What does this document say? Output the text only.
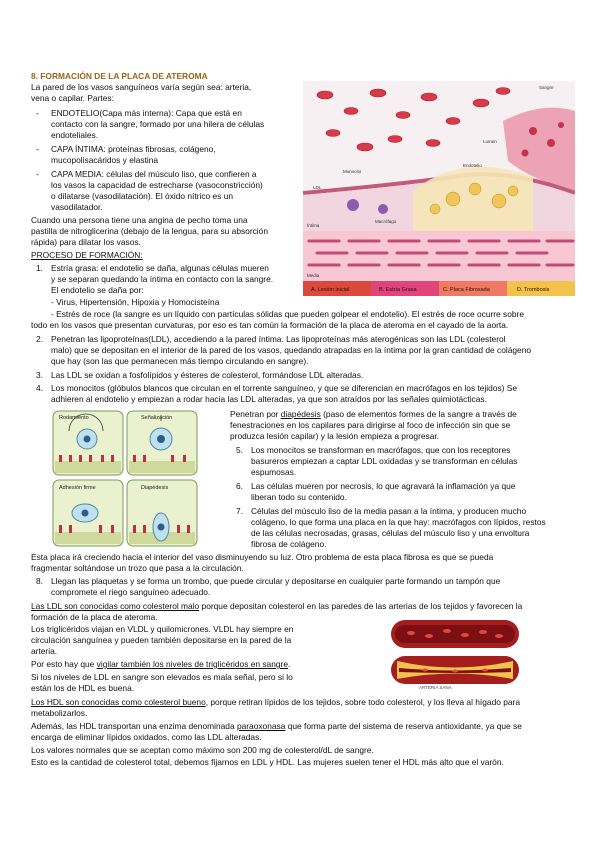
Sangre
Monocito
Macrófago
LDL
Endotelio
Íntima
Media
Lumen
A. Lesión inicial	B. Estría Grasa	C. Placa Fibrosada	D. Trombosis
8. FORMACIÓN DE LA PLACA DE ATEROMA
La pared de los vasos sanguíneos varía según sea: arteria,
vena o capilar. Partes:
- ENDOTELIO(Capa más interna): Capa que está en
contacto con la sangre, formado por una hilera de células
endoteliales.
- CAPA ÍNTIMA: proteínas fibrosas, colágeno,
mucopolisacáridos y elastina
- CAPA MEDIA: células del músculo liso, que confieren a
los vasos la capacidad de estrecharse (vasoconstricción)
o dilatarse (vasodilatación). El óxido nítrico es un
vasodilatador.
Cuando una persona tiene una angina de pecho toma una
pastilla de nitroglicerina (debajo de la lengua, para su absorción
rápida) para dilatar los vasos.
PROCESO DE FORMACIÓN:
1. Estría grasa: el endotelio se daña, algunas células mueren
y se separan quedando la íntima en contacto con la sangre.
El endotelio se daña por:
- Virus, Hipertensión, Hipoxia y Homocisteína
- Estrés de roce (la sangre es un líquido con partículas sólidas que pueden golpear el endotelio). El estrés de roce ocurre sobre
todo en los vasos que presentan curvaturas, por eso es tan común la formación de la placa de ateroma en el cayado de la aorta.
2. Penetran las lipoproteínas(LDL), accediendo a la pared íntima. Las lipoproteínas más aterogénicas son las LDL (colesterol
malo) que se depositan en el interior de la pared de los vasos, quedando atrapadas en la íntima por la gran cantidad de colágeno
que hay (son las que permanecen más tiempo circulando en sangre).
3. Las LDL se oxidan a fosfolípidos y ésteres de colesterol, formándose LDL alteradas.
4. Los monocitos (glóbulos blancos que circulan en el torrente sanguíneo, y que se diferencian en macrófagos en los tejidos) Se
adhieren al endotelio y empiezan a rodar hacia las LDL alteradas, ya que son atraídos por las señales quimiotácticas.
Rodamiento	Señalización
Adhesión firme	Diapédesis
Penetran por diapédesis (paso de elementos formes de la sangre a través de
fenestraciones en los capilares para dirigirse al foco de infección sin que se
produzca lesión capilar) y la lesión empieza a progresar.
5. Los monocitos se transforman en macrófagos, que con los receptores
basureros empiezan a captar LDL oxidadas y se transforman en células
espumosas.
6. Las células mueren por necrosis, lo que agravará la inflamación ya que
liberan todo su contenido.
7. Células del músculo liso de la media pasan a la íntima, y producen mucho
colágeno, lo que forma una placa en la que hay: macrófagos con lípidos, restos
de las células necrosadas, grasas, células del músculo liso y una envoltura
fibrosa de colágeno.
Esta placa irá creciendo hacia el interior del vaso disminuyendo su luz. Otro problema de esta placa fibrosa es que se pueda
fragmentar soltándose un trozo que pasa a la circulación.
8. Llegan las plaquetas y se forma un trombo, que puede circular y depositarse en cualquier parte formando un tampón que
compromete el riego sanguíneo adecuado.
Las LDL son conocidas como colesterol malo porque depositan colesterol en las paredes de las arterias de los tejidos y favorecen la
formación de la placa de ateroma.
Los triglicéridos viajan en VLDL y quilomicrones. VLDL hay siempre en
circulación sanguínea y pueden también depositarse en la pared de la
arteria.
Por esto hay que vigilar también los niveles de triglicéridos en sangre.
Si los niveles de LDL en sangre son elevados es mala señal, pero si lo
están los de HDL es buena.	ARTERIA SANA
Los HDL son conocidas como colesterol bueno, porque retiran lípidos de los tejidos, sobre todo colesterol, y los lleva al hígado para
metabolizarlos.
Además, las HDL transportan una enzima denominada paraoxonasa que forma parte del sistema de reserva antioxidante, ya que se
encarga de eliminar lípidos oxidados, como las LDL alteradas.
Los valores normales que se aceptan como máximo son 200 mg de colesterol/dL de sangre.
Esto es la cantidad de colesterol total, debemos fijarnos en LDL y HDL. Las mujeres suelen tener el HDL más alto que el varón.
